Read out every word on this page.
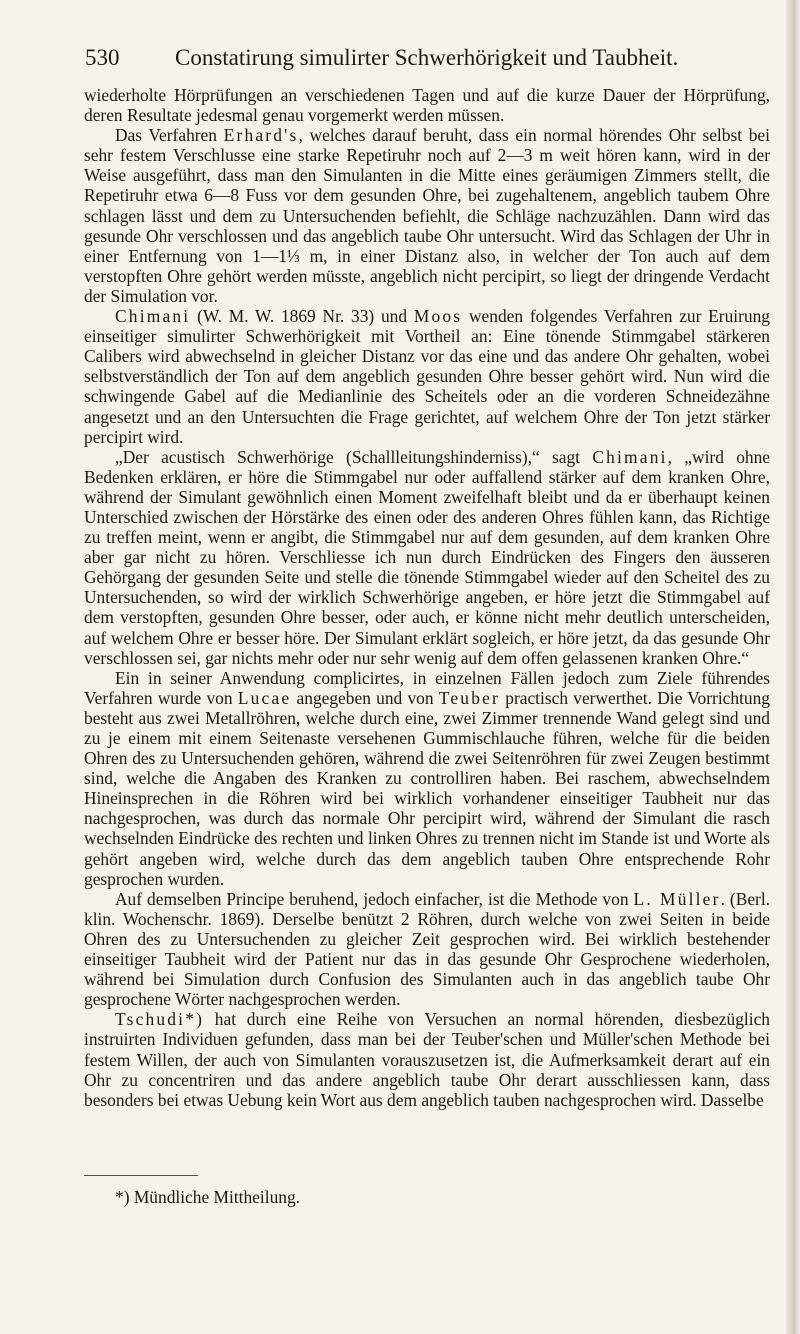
530 Constatirung simulirter Schwerhörigkeit und Taubheit.

wiederholte Hörprüfungen an verschiedenen Tagen und auf die kurze Dauer der Hörprüfung, deren Resultate jedesmal genau vorgemerkt werden müssen.

Das Verfahren Erhard's, welches darauf beruht, dass ein normal hörendes Ohr selbst bei sehr festem Verschlusse eine starke Repetiruhr noch auf 2—3 m weit hören kann, wird in der Weise ausgeführt, dass man den Simulanten in die Mitte eines geräumigen Zimmers stellt, die Repetiruhr etwa 6—8 Fuss vor dem gesunden Ohre, bei zugehaltenem, angeblich taubem Ohre schlagen lässt und dem zu Untersuchenden befiehlt, die Schläge nachzuzählen. Dann wird das gesunde Ohr verschlossen und das angeblich taube Ohr untersucht. Wird das Schlagen der Uhr in einer Entfernung von 1—1⅓ m, in einer Distanz also, in welcher der Ton auch auf dem verstopften Ohre gehört werden müsste, angeblich nicht percipirt, so liegt der dringende Verdacht der Simulation vor.

Chimani (W. M. W. 1869 Nr. 33) und Moos wenden folgendes Verfahren zur Eruirung einseitiger simulirter Schwerhörigkeit mit Vortheil an: Eine tönende Stimmgabel stärkeren Calibers wird abwechselnd in gleicher Distanz vor das eine und das andere Ohr gehalten, wobei selbstverständlich der Ton auf dem angeblich gesunden Ohre besser gehört wird. Nun wird die schwingende Gabel auf die Medianlinie des Scheitels oder an die vorderen Schneidezähne angesetzt und an den Untersuchten die Frage gerichtet, auf welchem Ohre der Ton jetzt stärker percipirt wird.

„Der acustisch Schwerhörige (Schallleitungshinderniss),“ sagt Chimani, „wird ohne Bedenken erklären, er höre die Stimmgabel nur oder auffallend stärker auf dem kranken Ohre, während der Simulant gewöhnlich einen Moment zweifelhaft bleibt und da er überhaupt keinen Unterschied zwischen der Hörstärke des einen oder des anderen Ohres fühlen kann, das Richtige zu treffen meint, wenn er angibt, die Stimmgabel nur auf dem gesunden, auf dem kranken Ohre aber gar nicht zu hören. Verschliesse ich nun durch Eindrücken des Fingers den äusseren Gehörgang der gesunden Seite und stelle die tönende Stimmgabel wieder auf den Scheitel des zu Untersuchenden, so wird der wirklich Schwerhörige angeben, er höre jetzt die Stimmgabel auf dem verstopften, gesunden Ohre besser, oder auch, er könne nicht mehr deutlich unterscheiden, auf welchem Ohre er besser höre. Der Simulant erklärt sogleich, er höre jetzt, da das gesunde Ohr verschlossen sei, gar nichts mehr oder nur sehr wenig auf dem offen gelassenen kranken Ohre.“

Ein in seiner Anwendung complicirtes, in einzelnen Fällen jedoch zum Ziele führendes Verfahren wurde von Lucae angegeben und von Teuber practisch verwerthet. Die Vorrichtung besteht aus zwei Metallröhren, welche durch eine, zwei Zimmer trennende Wand gelegt sind und zu je einem mit einem Seitenaste versehenen Gummischlauche führen, welche für die beiden Ohren des zu Untersuchenden gehören, während die zwei Seitenröhren für zwei Zeugen bestimmt sind, welche die Angaben des Kranken zu controlliren haben. Bei raschem, abwechselndem Hineinsprechen in die Röhren wird bei wirklich vorhandener einseitiger Taubheit nur das nachgesprochen, was durch das normale Ohr percipirt wird, während der Simulant die rasch wechselnden Eindrücke des rechten und linken Ohres zu trennen nicht im Stande ist und Worte als gehört angeben wird, welche durch das dem angeblich tauben Ohre entsprechende Rohr gesprochen wurden.

Auf demselben Principe beruhend, jedoch einfacher, ist die Methode von L. Müller. (Berl. klin. Wochenschr. 1869). Derselbe benützt 2 Röhren, durch welche von zwei Seiten in beide Ohren des zu Untersuchenden zu gleicher Zeit gesprochen wird. Bei wirklich bestehender einseitiger Taubheit wird der Patient nur das in das gesunde Ohr Gesprochene wiederholen, während bei Simulation durch Confusion des Simulanten auch in das angeblich taube Ohr gesprochene Wörter nachgesprochen werden.

Tschudi*) hat durch eine Reihe von Versuchen an normal hörenden, diesbezüglich instruirten Individuen gefunden, dass man bei der Teuber'schen und Müller'schen Methode bei festem Willen, der auch von Simulanten vorauszusetzen ist, die Aufmerksamkeit derart auf ein Ohr zu concentriren und das andere angeblich taube Ohr derart ausschliessen kann, dass besonders bei etwas Uebung kein Wort aus dem angeblich tauben nachgesprochen wird. Dasselbe

*) Mündliche Mittheilung.
